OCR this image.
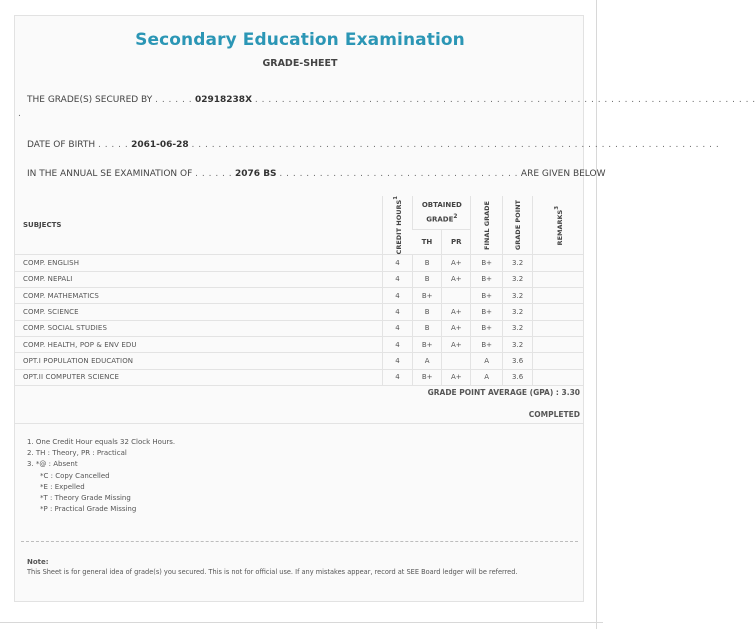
Secondary Education Examination
GRADE-SHEET
THE GRADE(S) SECURED BY . . . . . . 02918238X . . . . . . . . . . . . . . . . . . . . . . . . . . . . . . . . . . . . . . . . . . . . . . . . . . . . . . . . . . . . . . . . . . . . . . . . . . .
.
DATE OF BIRTH . . . . . 2061-06-28 . . . . . . . . . . . . . . . . . . . . . . . . . . . . . . . . . . . . . . . . . . . . . . . . . . . . . . . . . . . . . . . . . . . . . . . . . . . . . . .
IN THE ANNUAL SE EXAMINATION OF . . . . . . 2076 BS . . . . . . . . . . . . . . . . . . . . . . . . . . . . . . . . . . . . ARE GIVEN BELOW
SUBJECTS	CREDIT HOURS$^1$	OBTAINED GRADE$^2$		FINAL GRADE	GRADE POINT	REMARKS$^3$

		TH	PR			
COMP. ENGLISH	4	B	A+	B+	3.2	
COMP. NEPALI	4	B	A+	B+	3.2	
COMP. MATHEMATICS	4	B+		B+	3.2	
COMP. SCIENCE	4	B	A+	B+	3.2	
COMP. SOCIAL STUDIES	4	B	A+	B+	3.2	
COMP. HEALTH, POP & ENV EDU	4	B+	A+	B+	3.2	
OPT.I POPULATION EDUCATION	4	A		A	3.6	
OPT.II COMPUTER SCIENCE	4	B+	A+	A	3.6	
GRADE POINT AVERAGE (GPA) : 3.30
COMPLETED
1. One Credit Hour equals 32 Clock Hours.
2. TH : Theory, PR : Practical
3. *@ : Absent
*C : Copy Cancelled
*E : Expelled
*T : Theory Grade Missing
*P : Practical Grade Missing
Note:
This Sheet is for general idea of grade(s) you secured. This is not for official use. If any mistakes appear, record at SEE Board ledger will be referred.
